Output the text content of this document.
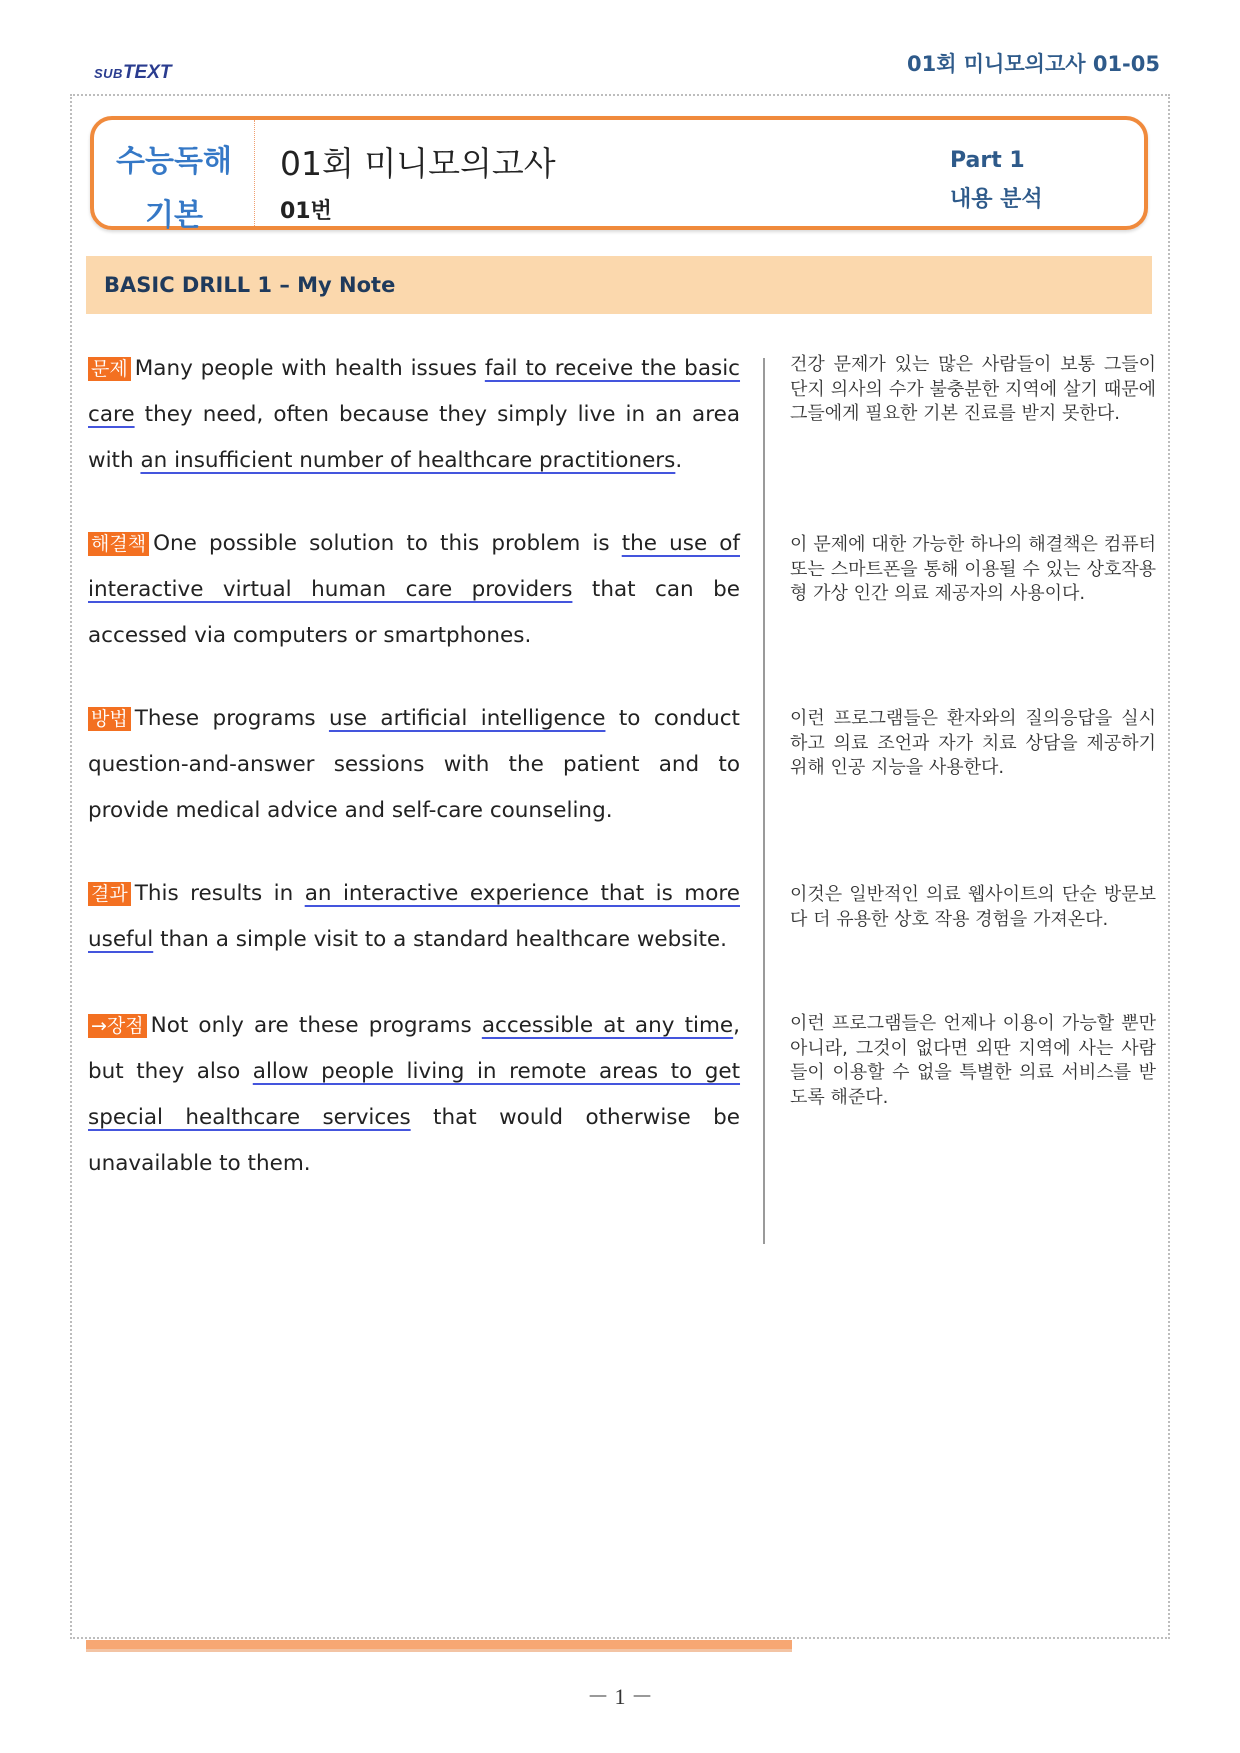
SUBTEXT	01회 미니모의고사 01-05
수능독해
기본
01회 미니모의고사
01번
Part 1
내용 분석
BASIC DRILL 1 – My Note
문제 Many people with health issues fail to receive the basic care they need, often because they simply live in an area with an insufficient number of healthcare practitioners.
건강 문제가 있는 많은 사람들이 보통 그들이 단지 의사의 수가 불충분한 지역에 살기 때문에 그들에게 필요한 기본 진료를 받지 못한다.
해결책 One possible solution to this problem is the use of interactive virtual human care providers that can be accessed via computers or smartphones.
이 문제에 대한 가능한 하나의 해결책은 컴퓨터 또는 스마트폰을 통해 이용될 수 있는 상호작용형 가상 인간 의료 제공자의 사용이다.
방법 These programs use artificial intelligence to conduct question-and-answer sessions with the patient and to provide medical advice and self-care counseling.
이런 프로그램들은 환자와의 질의응답을 실시하고 의료 조언과 자가 치료 상담을 제공하기 위해 인공 지능을 사용한다.
결과 This results in an interactive experience that is more useful than a simple visit to a standard healthcare website.
이것은 일반적인 의료 웹사이트의 단순 방문보다 더 유용한 상호 작용 경험을 가져온다.
→장점 Not only are these programs accessible at any time, but they also allow people living in remote areas to get special healthcare services that would otherwise be unavailable to them.
이런 프로그램들은 언제나 이용이 가능할 뿐만 아니라, 그것이 없다면 외딴 지역에 사는 사람들이 이용할 수 없을 특별한 의료 서비스를 받도록 해준다.
－ 1 －
